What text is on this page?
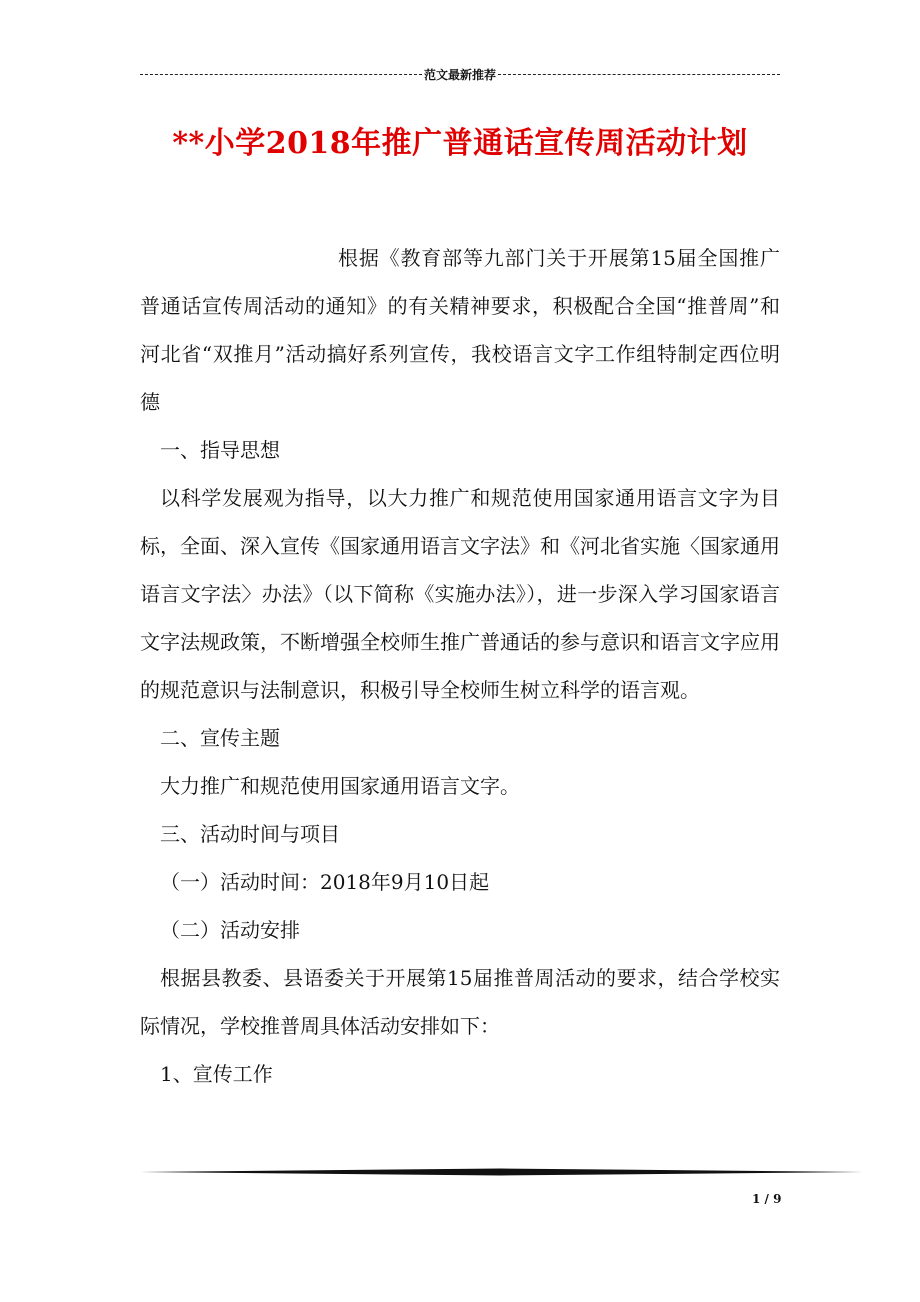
范文最新推荐
**小学2018年推广普通话宣传周活动计划

根据《教育部等九部门关于开展第15届全国推广普通话宣传周活动的通知》的有关精神要求，积极配合全国“推普周”和河北省“双推月”活动搞好系列宣传，我校语言文字工作组特制定西位明德

一、指导思想

以科学发展观为指导，以大力推广和规范使用国家通用语言文字为目标，全面、深入宣传《国家通用语言文字法》和《河北省实施〈国家通用语言文字法〉办法》（以下简称《实施办法》），进一步深入学习国家语言文字法规政策，不断增强全校师生推广普通话的参与意识和语言文字应用的规范意识与法制意识，积极引导全校师生树立科学的语言观。

二、宣传主题

大力推广和规范使用国家通用语言文字。

三、活动时间与项目

（一）活动时间：2018年9月10日起

（二）活动安排

根据县教委、县语委关于开展第15届推普周活动的要求，结合学校实际情况，学校推普周具体活动安排如下：

1、宣传工作

1 / 9
